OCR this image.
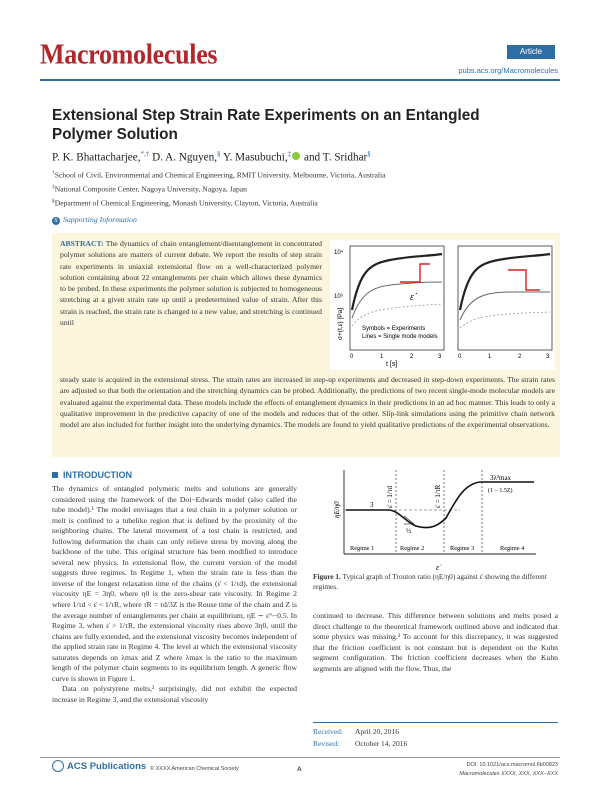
Macromolecules	Article
pubs.acs.org/Macromolecules
Extensional Step Strain Rate Experiments on an Entangled Polymer Solution
P. K. Bhattacharjee,*,† D. A. Nguyen,§ Y. Masubuchi,‡ and T. Sridhar§
†School of Civil, Environmental and Chemical Engineering, RMIT University, Melbourne, Victoria, Australia
‡National Composite Center, Nagoya University, Nagoya, Japan
§Department of Chemical Engineering, Monash University, Clayton, Victoria, Australia
S Supporting Information
ABSTRACT: The dynamics of chain entanglement/disentanglement in concentrated polymer solutions are matters of current debate. We report the results of step strain rate experiments in uniaxial extensional flow on a well-characterized polymer solution containing about 22 entanglements per chain which allows these dynamics to be probed. In these experiments the polymer solution is subjected to homogeneous stretching at a given strain rate up until a predetermined value of strain. After this strain is reached, the strain rate is changed to a new value, and stretching is continued until
steady state is acquired in the extensional stress. The strain rates are increased in step-up experiments and decreased in step-down experiments. The strain rates are adjusted so that both the orientation and the stretching dynamics can be probed. Additionally, the predictions of two recent single-mode molecular models are evaluated against the experimental data. These models include the effects of entanglement dynamics in their predictions in an ad hoc manner. This leads to only a qualitative improvement in the predictive capacity of one of the models and reduces that of the other. Slip-link simulations using the primitive chain network model are also included for further insight into the underlying dynamics. The models are found to yield qualitative predictions of the experimental observations.
ε̇
Symbols = Experiments
Lines = Single mode models
10⁴
10³
σ+(t,ε̇) [Pa]
t [s]
0	1	2	3	0	1	2	3
INTRODUCTION

The dynamics of entangled polymeric melts and solutions are generally considered using the framework of the Doi−Edwards model (also called the tube model).¹ The model envisages that a test chain in a polymer solution or melt is confined to a tubelike region that is defined by the proximity of the neighboring chains. The lateral movement of a test chain is restricted, and following deformation the chain can only relieve stress by moving along the backbone of the tube. This original structure has been modified to introduce several new physics. In extensional flow, the current version of the model suggests three regimes. In Regime 1, when the strain rate is less than the inverse of the longest relaxation time of the chains (ε̇ < 1/τd), the extensional viscosity ηE = 3η0, where η0 is the zero-shear rate viscosity. In Regime 2 where 1/τd < ε̇ < 1/τR, where τR = τd/3Z is the Rouse time of the chain and Z is the average number of entanglements per chain at equilibrium, ηE ∼ ε̇^−0.5. In Regime 3, when ε̇ > 1/τR, the extensional viscosity rises above 3η0, until the chains are fully extended, and the extensional viscosity becomes independent of the applied strain rate in Regime 4. The level at which the extensional viscosity saturates depends on λmax and Z where λmax is the ratio to the maximum length of the polymer chain segments to its equilibrium length. A generic flow curve is shown in Figure 1.

Data on polystyrene melts,² surprisingly, did not exhibit the expected increase in Regime 3, and the extensional viscosity

½
3
ηE/η0
ε̇
ε̇ = 1/τd	ε̇ = 1/τR
3λ²max
(1 − 1.5Z)
Regime 1	Regime 2	Regime 3	Regime 4
Figure 1. Typical graph of Trouton ratio (ηE/η0) against ε̇ showing the different regimes.
continued to decrease. This difference between solutions and melts posed a direct challenge to the theoretical framework outlined above and indicated that some physics was missing.³ To account for this discrepancy, it was suggested that the friction coefficient is not constant but is dependent on the Kuhn segment configuration. The friction coefficient decreases when the Kuhn segments are aligned with the flow. Thus, the
Received: April 20, 2016
Revised: October 14, 2016
ACS Publications © XXXX American Chemical Society	A
DOI: 10.1021/acs.macromol.6b00823
Macromolecules XXXX, XXX, XXX−XXX
